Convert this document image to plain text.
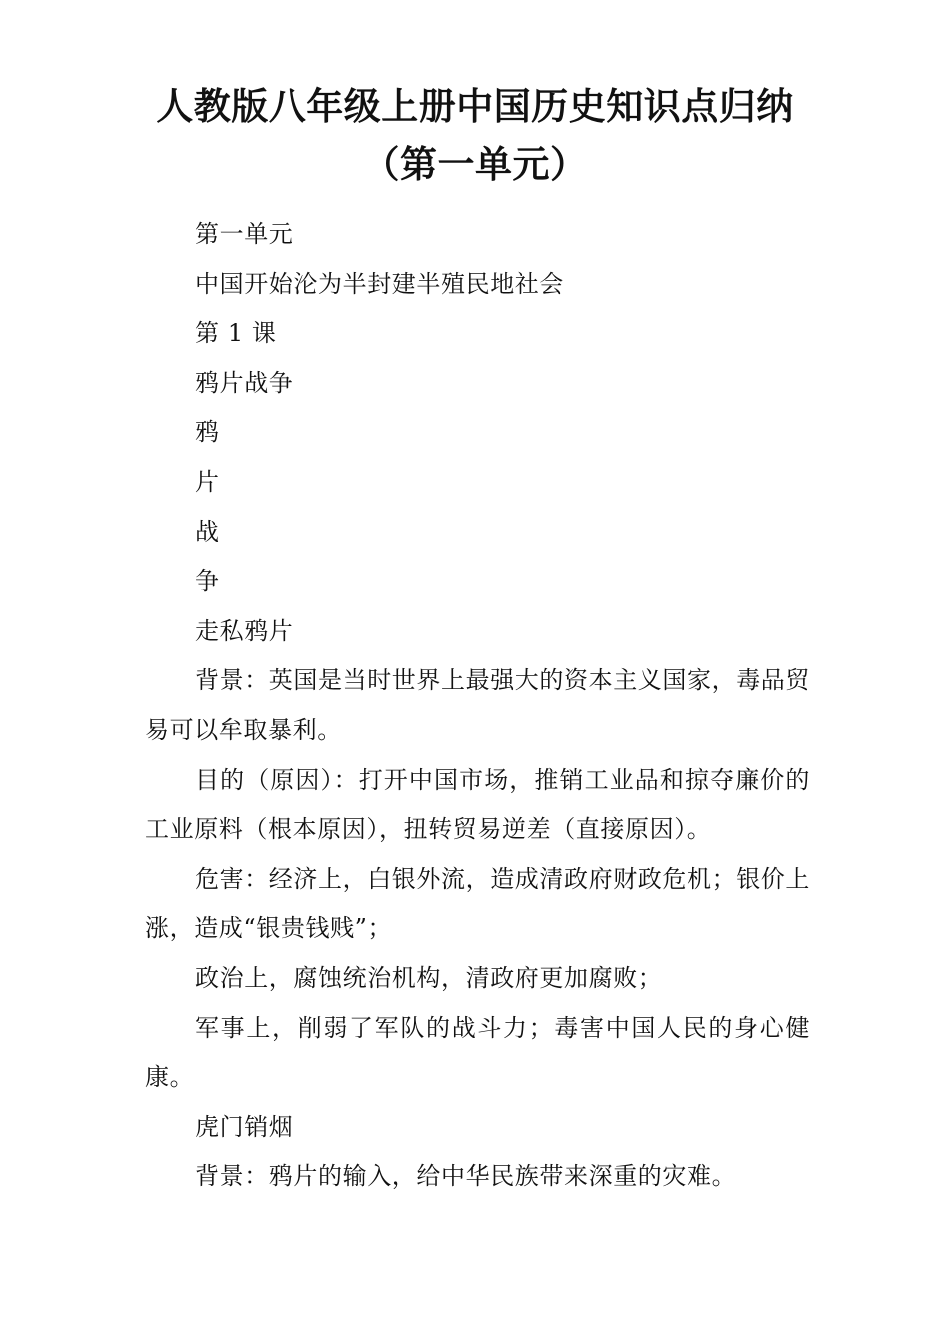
人教版八年级上册中国历史知识点归纳
（第一单元）

第一单元

中国开始沦为半封建半殖民地社会

第 1 课

鸦片战争

鸦

片

战

争

走私鸦片

背景：英国是当时世界上最强大的资本主义国家，毒品贸易可以牟取暴利。

目的（原因）：打开中国市场，推销工业品和掠夺廉价的工业原料（根本原因），扭转贸易逆差（直接原因）。

危害：经济上，白银外流，造成清政府财政危机；银价上涨，造成“银贵钱贱”；

政治上，腐蚀统治机构，清政府更加腐败；

军事上，削弱了军队的战斗力；毒害中国人民的身心健康。

虎门销烟

背景：鸦片的输入，给中华民族带来深重的灾难。
